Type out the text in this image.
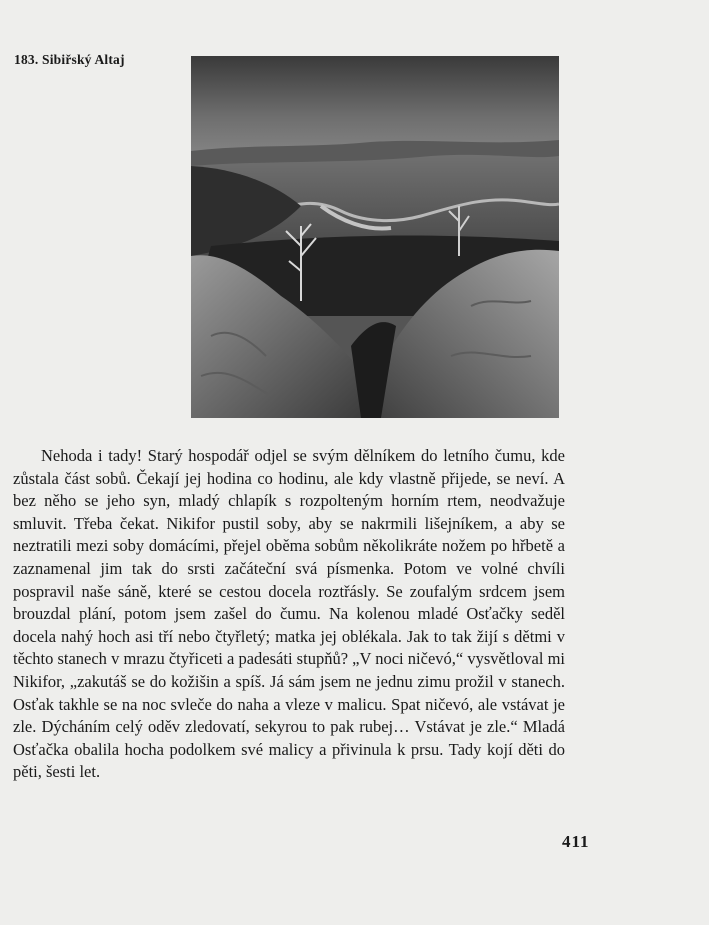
183. Sibiřský Altaj

Nehoda i tady! Starý hospodář odjel se svým dělníkem do letního čumu, kde zůstala část sobů. Čekají jej hodina co hodinu, ale kdy vlastně přijede, se neví. A bez něho se jeho syn, mladý chlapík s rozpolteným horním rtem, neodvažuje smluvit. Třeba čekat. Nikifor pustil soby, aby se nakrmili lišejníkem, a aby se neztratili mezi soby domácími, přejel oběma sobům několikráte nožem po hřbetě a zaznamenal jim tak do srsti začáteční svá písmenka. Potom ve volné chvíli pospravil naše sáně, které se cestou docela roztřásly. Se zoufalým srdcem jsem brouzdal plání, potom jsem zašel do čumu. Na kolenou mladé Osťačky seděl docela nahý hoch asi tří nebo čtyřletý; matka jej oblékala. Jak to tak žijí s dětmi v těchto stanech v mrazu čtyřiceti a padesáti stupňů? „V noci ničevó,“ vysvětloval mi Nikifor, „zakutáš se do kožišin a spíš. Já sám jsem ne jednu zimu prožil v stanech. Osťak takhle se na noc svleče do naha a vleze v malicu. Spat ničevó, ale vstávat je zle. Dýcháním celý oděv zledovatí, sekyrou to pak rubej… Vstávat je zle.“ Mladá Osťačka obalila hocha podolkem své malicy a přivinula k prsu. Tady kojí děti do pěti, šesti let.

411
